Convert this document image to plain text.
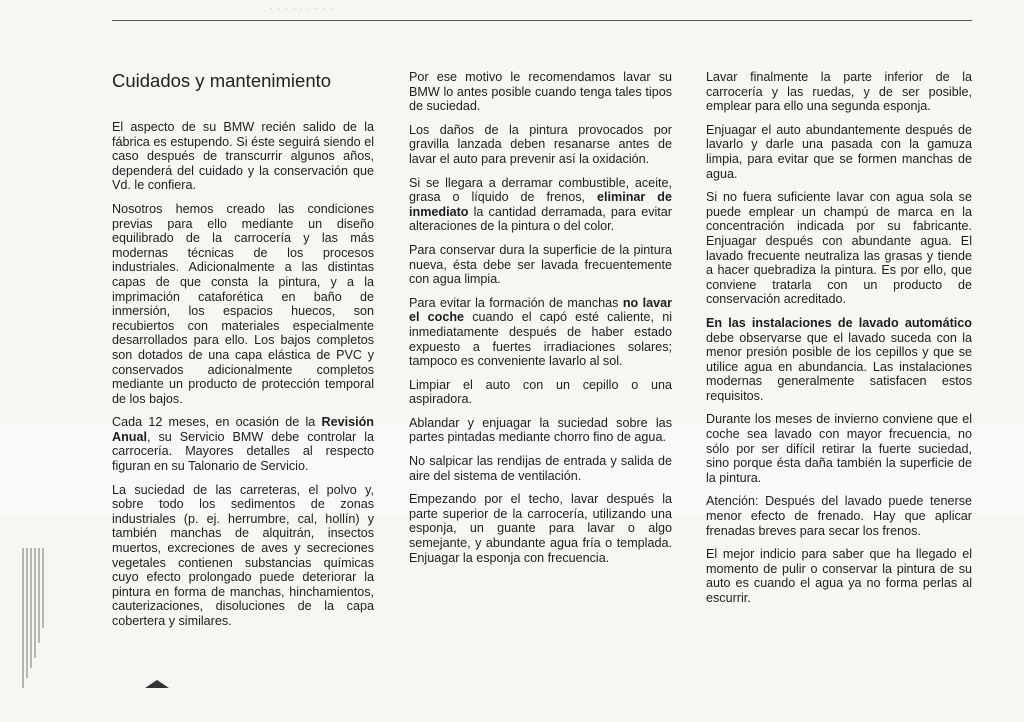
· · · · · · · · ·
Cuidados y mantenimiento

El aspecto de su BMW recién salido de la fábrica es estupendo. Si éste seguirá siendo el caso después de transcurrir algunos años, dependerá del cuidado y la conservación que Vd. le confiera.

Nosotros hemos creado las condiciones previas para ello mediante un diseño equilibrado de la carrocería y las más modernas técnicas de los procesos industriales. Adicionalmente a las distintas capas de que consta la pintura, y a la imprimación cataforética en baño de inmersión, los espacios huecos, son recubiertos con materiales especialmente desarrollados para ello. Los bajos completos son dotados de una capa elástica de PVC y conservados adicionalmente completos mediante un producto de protección temporal de los bajos.

Cada 12 meses, en ocasión de la Revisión Anual, su Servicio BMW debe controlar la carrocería. Mayores detalles al respecto figuran en su Talonario de Servicio.

La suciedad de las carreteras, el polvo y, sobre todo los sedimentos de zonas industriales (p. ej. herrumbre, cal, hollín) y también manchas de alquitrán, insectos muertos, excreciones de aves y secreciones vegetales contienen substancias químicas cuyo efecto prolongado puede deteriorar la pintura en forma de manchas, hinchamientos, cauterizaciones, disoluciones de la capa cobertera y similares.

Por ese motivo le recomendamos lavar su BMW lo antes posible cuando tenga tales tipos de suciedad.

Los daños de la pintura provocados por gravilla lanzada deben resanarse antes de lavar el auto para prevenir así la oxidación.

Si se llegara a derramar combustible, aceite, grasa o líquido de frenos, eliminar de inmediato la cantidad derramada, para evitar alteraciones de la pintura o del color.

Para conservar dura la superficie de la pintura nueva, ésta debe ser lavada frecuentemente con agua limpia.

Para evitar la formación de manchas no lavar el coche cuando el capó esté caliente, ni inmediatamente después de haber estado expuesto a fuertes irradiaciones solares; tampoco es conveniente lavarlo al sol.

Limpiar el auto con un cepillo o una aspiradora.

Ablandar y enjuagar la suciedad sobre las partes pintadas mediante chorro fino de agua.

No salpicar las rendijas de entrada y salida de aire del sistema de ventilación.

Empezando por el techo, lavar después la parte superior de la carrocería, utilizando una esponja, un guante para lavar o algo semejante, y abundante agua fría o templada. Enjuagar la esponja con frecuencia.

Lavar finalmente la parte inferior de la carrocería y las ruedas, y de ser posible, emplear para ello una segunda esponja.

Enjuagar el auto abundantemente después de lavarlo y darle una pasada con la gamuza limpia, para evitar que se formen manchas de agua.

Si no fuera suficiente lavar con agua sola se puede emplear un champú de marca en la concentración indicada por su fabricante. Enjuagar después con abundante agua. El lavado frecuente neutraliza las grasas y tiende a hacer quebradiza la pintura. Es por ello, que conviene tratarla con un producto de conservación acreditado.

En las instalaciones de lavado automático debe observarse que el lavado suceda con la menor presión posible de los cepillos y que se utilice agua en abundancia. Las instalaciones modernas generalmente satisfacen estos requisitos.

Durante los meses de invierno conviene que el coche sea lavado con mayor frecuencia, no sólo por ser difícil retirar la fuerte suciedad, sino porque ésta daña también la superficie de la pintura.

Atención: Después del lavado puede tenerse menor efecto de frenado. Hay que aplicar frenadas breves para secar los frenos.

El mejor indicio para saber que ha llegado el momento de pulir o conservar la pintura de su auto es cuando el agua ya no forma perlas al escurrir.
